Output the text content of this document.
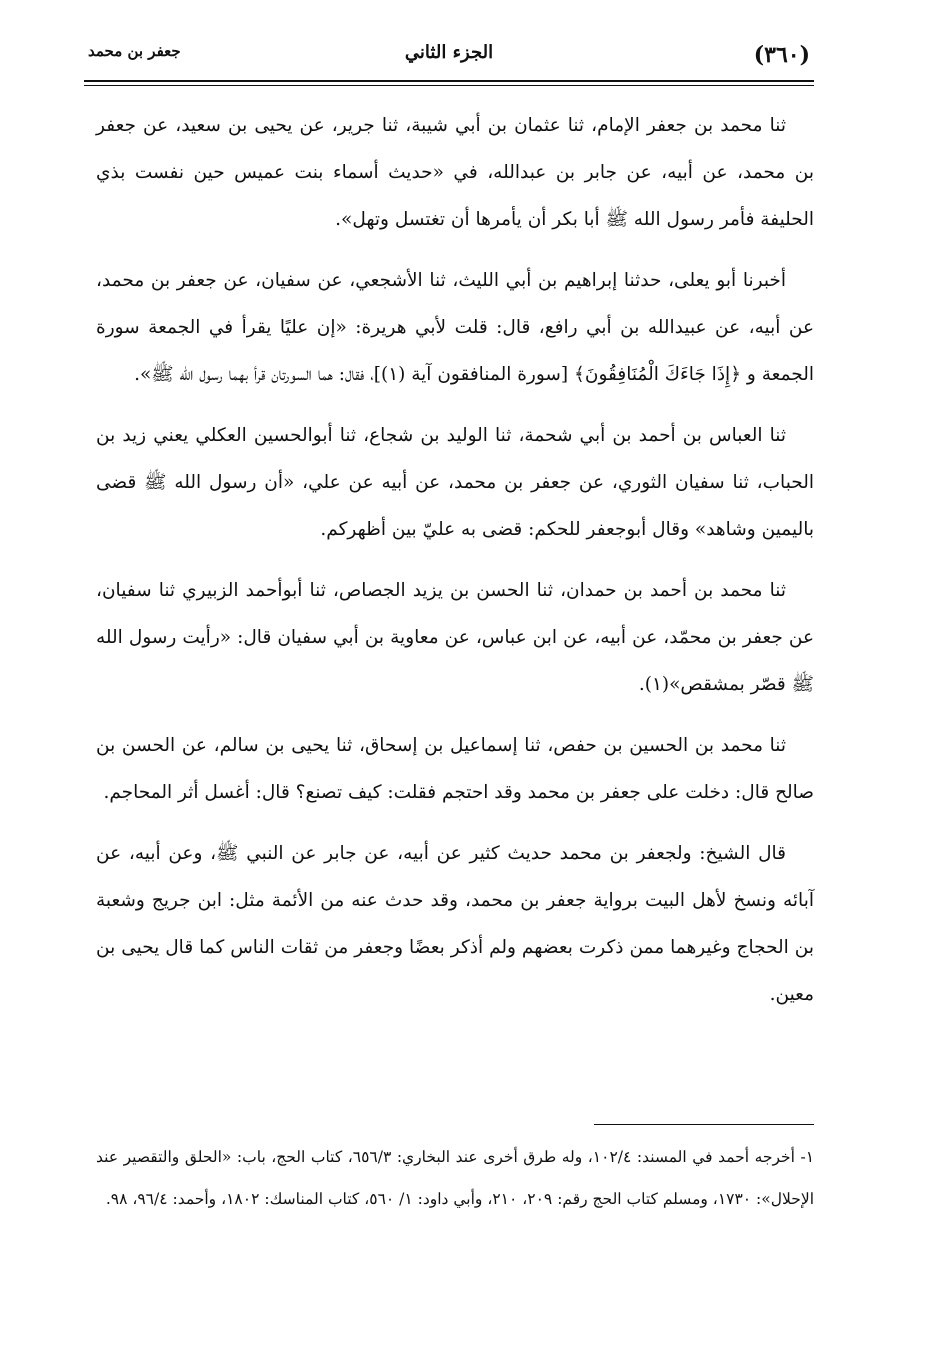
(٣٦٠)
الجزء الثاني
جعفر بن محمد

ثنا محمد بن جعفر الإمام، ثنا عثمان بن أبي شيبة، ثنا جرير، عن يحيى بن سعيد، عن جعفر بن محمد، عن أبيه، عن جابر بن عبدالله، في «حديث أسماء بنت عميس حين نفست بذي الحليفة فأمر رسول الله ﷺ أبا بكر أن يأمرها أن تغتسل وتهل».

أخبرنا أبو يعلى، حدثنا إبراهيم بن أبي الليث، ثنا الأشجعي، عن سفيان، عن جعفر بن محمد، عن أبيه، عن عبيدالله بن أبي رافع، قال: قلت لأبي هريرة: «إن عليًا يقرأ في الجمعة سورة الجمعة و ﴿إِذَا جَاءَكَ الْمُنَافِقُونَ﴾ [سورة المنافقون آية (١)]، فقال: هما السورتان قرأ بهما رسول الله ﷺ».

ثنا العباس بن أحمد بن أبي شحمة، ثنا الوليد بن شجاع، ثنا أبوالحسين العكلي يعني زيد بن الحباب، ثنا سفيان الثوري، عن جعفر بن محمد، عن أبيه عن علي، «أن رسول الله ﷺ قضى باليمين وشاهد» وقال أبوجعفر للحكم: قضى به عليّ بين أظهركم.

ثنا محمد بن أحمد بن حمدان، ثنا الحسن بن يزيد الجصاص، ثنا أبوأحمد الزبيري ثنا سفيان، عن جعفر بن محمّد، عن أبيه، عن ابن عباس، عن معاوية بن أبي سفيان قال: «رأيت رسول الله ﷺ قصّر بمشقص»(١).

ثنا محمد بن الحسين بن حفص، ثنا إسماعيل بن إسحاق، ثنا يحيى بن سالم، عن الحسن بن صالح قال: دخلت على جعفر بن محمد وقد احتجم فقلت: كيف تصنع؟ قال: أغسل أثر المحاجم.

قال الشيخ: ولجعفر بن محمد حديث كثير عن أبيه، عن جابر عن النبي ﷺ، وعن أبيه، عن آبائه ونسخ لأهل البيت برواية جعفر بن محمد، وقد حدث عنه من الأئمة مثل: ابن جريج وشعبة بن الحجاج وغيرهما ممن ذكرت بعضهم ولم أذكر بعضًا وجعفر من ثقات الناس كما قال يحيى بن معين.

١- أخرجه أحمد في المسند: ١٠٢/٤، وله طرق أخرى عند البخاري: ٦٥٦/٣، كتاب الحج، باب: «الحلق والتقصير عند الإحلال»: ١٧٣٠، ومسلم كتاب الحج رقم: ٢٠٩، ٢١٠، وأبي داود: ١/ ٥٦٠، كتاب المناسك: ١٨٠٢، وأحمد: ٩٦/٤، ٩٨.
